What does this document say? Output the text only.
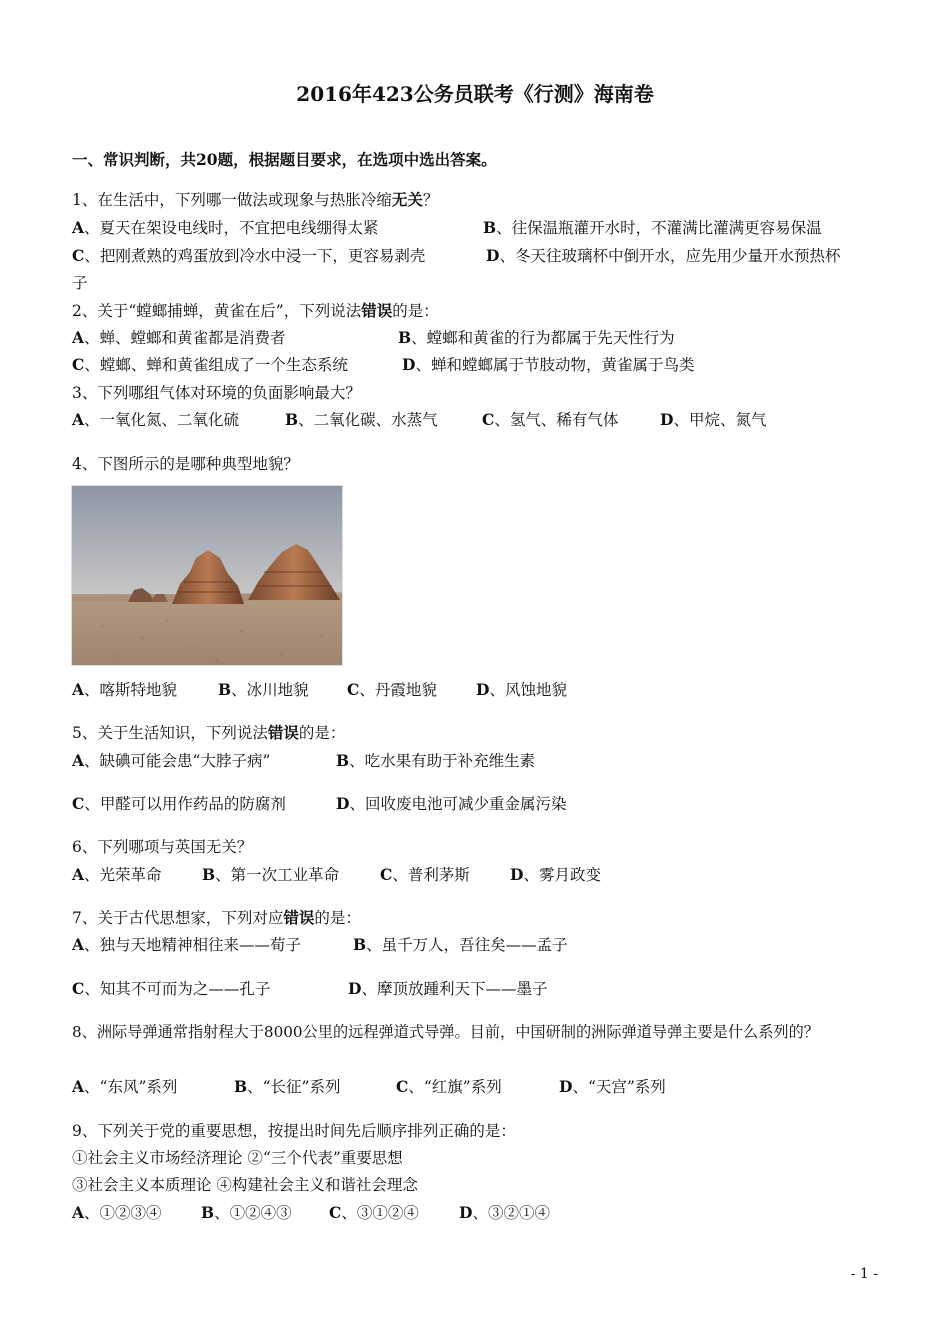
2016年423公务员联考《行测》海南卷
一、常识判断，共20题，根据题目要求，在选项中选出答案。
1、在生活中，下列哪一做法或现象与热胀冷缩无关？
A、夏天在架设电线时，不宜把电线绷得太紧	B、往保温瓶灌开水时，不灌满比灌满更容易保温
C、把刚煮熟的鸡蛋放到冷水中浸一下，更容易剥壳	D、冬天往玻璃杯中倒开水，应先用少量开水预热杯
子
2、关于“螳螂捕蝉，黄雀在后”，下列说法错误的是：
A、蝉、螳螂和黄雀都是消费者	B、螳螂和黄雀的行为都属于先天性行为
C、螳螂、蝉和黄雀组成了一个生态系统	D、蝉和螳螂属于节肢动物，黄雀属于鸟类
3、下列哪组气体对环境的负面影响最大？
A、一氧化氮、二氧化硫	B、二氧化碳、水蒸气	C、氢气、稀有气体	D、甲烷、氮气
4、下图所示的是哪种典型地貌？
A、喀斯特地貌	B、冰川地貌 C、丹霞地貌	D、风蚀地貌
5、关于生活知识，下列说法错误的是：
A、缺碘可能会患“大脖子病”	B、吃水果有助于补充维生素
C、甲醛可以用作药品的防腐剂	D、回收废电池可减少重金属污染
6、下列哪项与英国无关？
A、光荣革命	B、第一次工业革命	C、普利茅斯	D、雾月政变
7、关于古代思想家，下列对应错误的是：
A、独与天地精神相往来——荀子	B、虽千万人，吾往矣——孟子
C、知其不可而为之——孔子	D、摩顶放踵利天下——墨子
8、洲际导弹通常指射程大于8000公里的远程弹道式导弹。目前，中国研制的洲际弹道导弹主要是什么系列的？
A、“东风”系列	B、“长征”系列	C、“红旗”系列	D、“天宫”系列
9、下列关于党的重要思想，按提出时间先后顺序排列正确的是：
①社会主义市场经济理论 ②“三个代表”重要思想
③社会主义本质理论 ④构建社会主义和谐社会理念
A、①②③④	B、①②④③ C、③①②④	D、③②①④
- 1 -
